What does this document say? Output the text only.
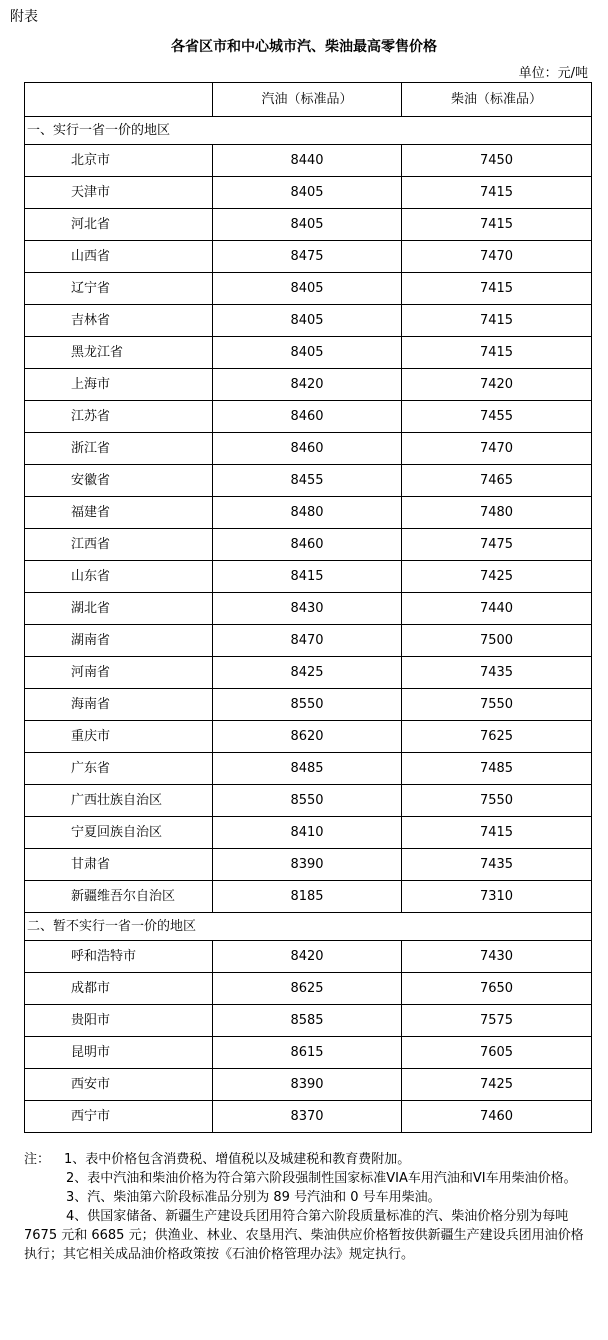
附表
各省区市和中心城市汽、柴油最高零售价格
单位：元/吨
	汽油（标准品）	柴油（标准品）
一、实行一省一价的地区		
北京市	8440	7450
天津市	8405	7415
河北省	8405	7415
山西省	8475	7470
辽宁省	8405	7415
吉林省	8405	7415
黑龙江省	8405	7415
上海市	8420	7420
江苏省	8460	7455
浙江省	8460	7470
安徽省	8455	7465
福建省	8480	7480
江西省	8460	7475
山东省	8415	7425
湖北省	8430	7440
湖南省	8470	7500
河南省	8425	7435
海南省	8550	7550
重庆市	8620	7625
广东省	8485	7485
广西壮族自治区	8550	7550
宁夏回族自治区	8410	7415
甘肃省	8390	7435
新疆维吾尔自治区	8185	7310
二、暂不实行一省一价的地区		
呼和浩特市	8420	7430
成都市	8625	7650
贵阳市	8585	7575
昆明市	8615	7605
西安市	8390	7425
西宁市	8370	7460

注： 1、表中价格包含消费税、增值税以及城建税和教育费附加。

2、表中汽油和柴油价格为符合第六阶段强制性国家标准VIA车用汽油和VI车用柴油价格。

3、汽、柴油第六阶段标准品分别为 89 号汽油和 0 号车用柴油。

4、供国家储备、新疆生产建设兵团用符合第六阶段质量标准的汽、柴油价格分别为每吨 7675 元和 6685 元；供渔业、林业、农垦用汽、柴油供应价格暂按供新疆生产建设兵团用油价格执行；其它相关成品油价格政策按《石油价格管理办法》规定执行。
